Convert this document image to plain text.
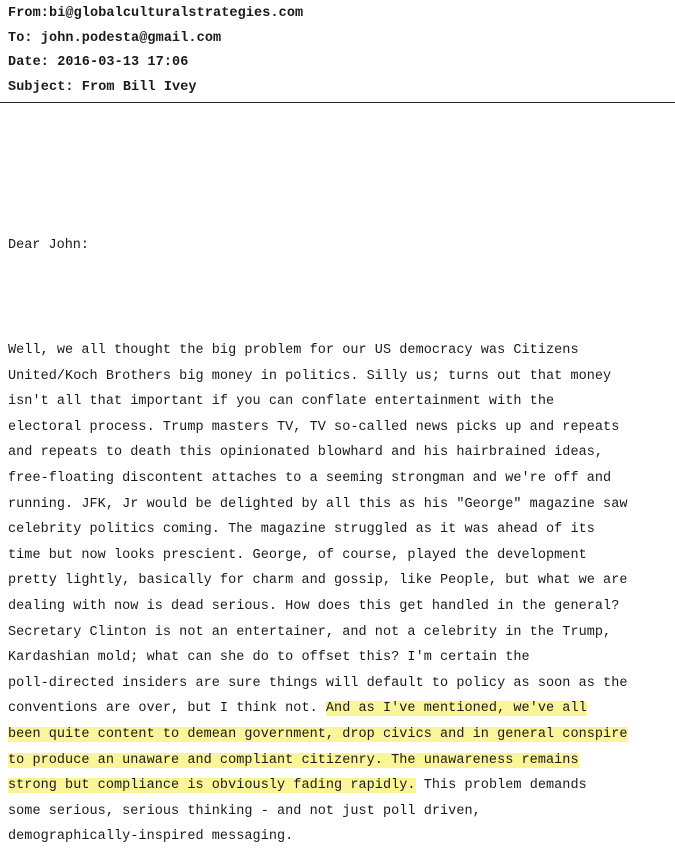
From:bi@globalculturalstrategies.com
To: john.podesta@gmail.com
Date: 2016-03-13 17:06
Subject: From Bill Ivey
Dear John:
Well, we all thought the big problem for our US democracy was Citizens
United/Koch Brothers big money in politics. Silly us; turns out that money
isn't all that important if you can conflate entertainment with the
electoral process. Trump masters TV, TV so-called news picks up and repeats
and repeats to death this opinionated blowhard and his hairbrained ideas,
free-floating discontent attaches to a seeming strongman and we're off and
running. JFK, Jr would be delighted by all this as his "George" magazine saw
celebrity politics coming. The magazine struggled as it was ahead of its
time but now looks prescient. George, of course, played the development
pretty lightly, basically for charm and gossip, like People, but what we are
dealing with now is dead serious. How does this get handled in the general?
Secretary Clinton is not an entertainer, and not a celebrity in the Trump,
Kardashian mold; what can she do to offset this? I'm certain the
poll-directed insiders are sure things will default to policy as soon as the
conventions are over, but I think not. And as I've mentioned, we've all
been quite content to demean government, drop civics and in general conspire
to produce an unaware and compliant citizenry. The unawareness remains
strong but compliance is obviously fading rapidly. This problem demands
some serious, serious thinking - and not just poll driven,
demographically-inspired messaging.
